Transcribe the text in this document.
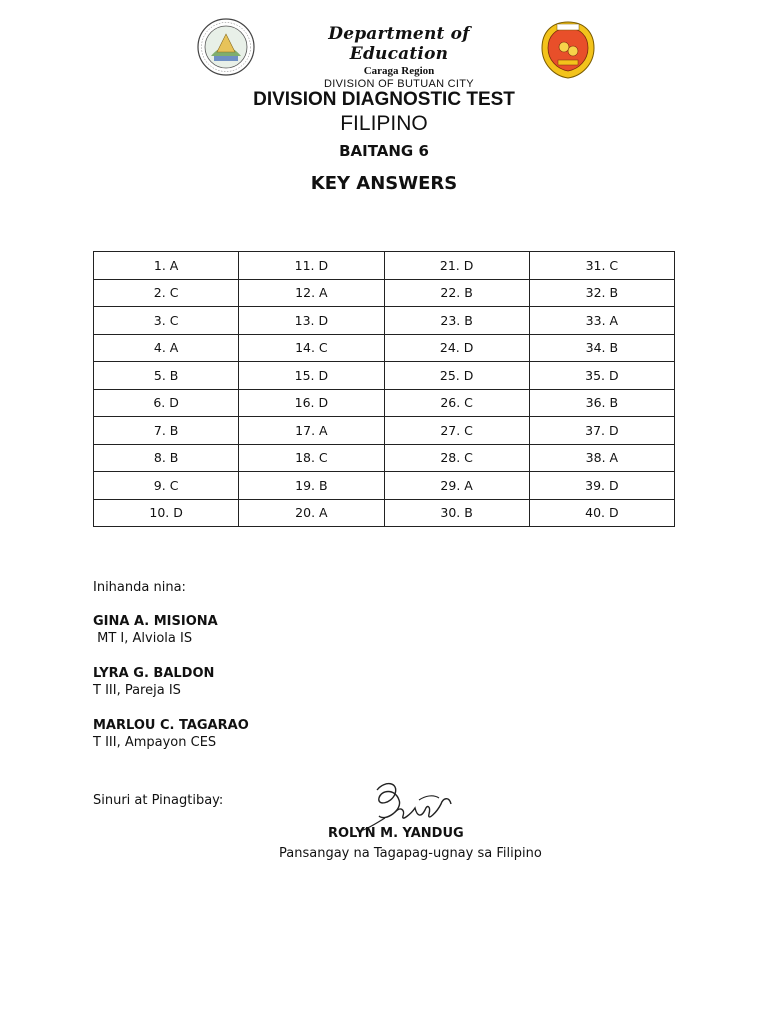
Department of Education
Caraga Region
DIVISION OF BUTUAN CITY
DIVISION DIAGNOSTIC TEST
FILIPINO
BAITANG 6
KEY ANSWERS
1. A	11. D	21. D	31. C
2. C	12. A	22. B	32. B
3. C	13. D	23. B	33. A
4. A	14. C	24. D	34. B
5. B	15. D	25. D	35. D
6. D	16. D	26. C	36. B
7. B	17. A	27. C	37. D
8. B	18. C	28. C	38. A
9. C	19. B	29. A	39. D
10. D	20. A	30. B	40. D
Inihanda nina:
GINA A. MISIONA
MT I, Alviola IS
LYRA G. BALDON
T III, Pareja IS
MARLOU C. TAGARAO
T III, Ampayon CES
Sinuri at Pinagtibay:
ROLYN M. YANDUG
Pansangay na Tagapag-ugnay sa Filipino
